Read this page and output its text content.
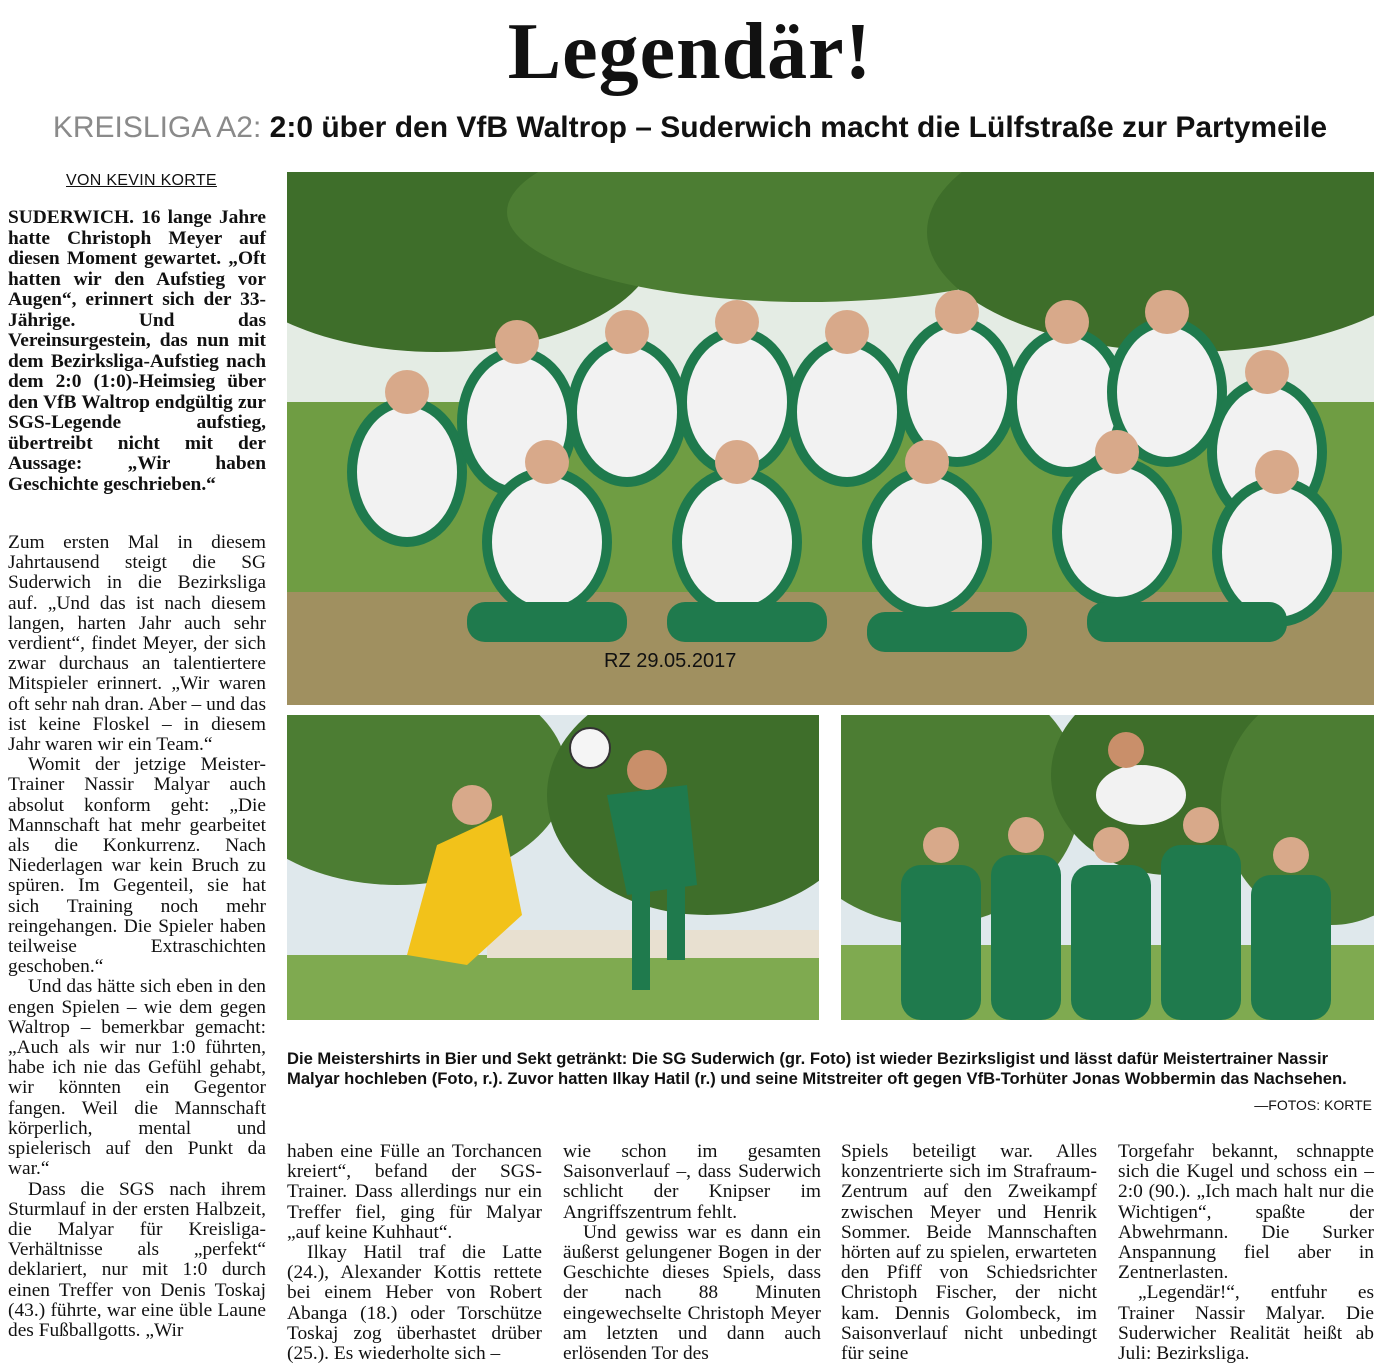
Legendär!
KREISLIGA A2: 2:0 über den VfB Waltrop – Suderwich macht die Lülfstraße zur Partymeile
VON KEVIN KORTE
SUDERWICH. 16 lange Jahre hatte Christoph Meyer auf diesen Moment gewartet. „Oft hatten wir den Aufstieg vor Augen“, erinnert sich der 33-Jährige. Und das Vereinsurgestein, das nun mit dem Bezirksliga-Aufstieg nach dem 2:0 (1:0)-Heimsieg über den VfB Waltrop endgültig zur SGS-Legende aufstieg, übertreibt nicht mit der Aussage: „Wir haben Geschichte geschrieben.“

Zum ersten Mal in diesem Jahrtausend steigt die SG Suderwich in die Bezirksliga auf. „Und das ist nach diesem langen, harten Jahr auch sehr verdient“, findet Meyer, der sich zwar durchaus an talentiertere Mitspieler erinnert. „Wir waren oft sehr nah dran. Aber – und das ist keine Floskel – in diesem Jahr waren wir ein Team.“

Womit der jetzige Meister-Trainer Nassir Malyar auch absolut konform geht: „Die Mannschaft hat mehr gearbeitet als die Konkurrenz. Nach Niederlagen war kein Bruch zu spüren. Im Gegenteil, sie hat sich Training noch mehr reingehangen. Die Spieler haben teilweise Extraschichten geschoben.“

Und das hätte sich eben in den engen Spielen – wie dem gegen Waltrop – bemerkbar gemacht: „Auch als wir nur 1:0 führten, habe ich nie das Gefühl gehabt, wir könnten ein Gegentor fangen. Weil die Mannschaft körperlich, mental und spielerisch auf den Punkt da war.“

Dass die SGS nach ihrem Sturmlauf in der ersten Halbzeit, die Malyar für Kreisliga-Verhältnisse als „perfekt“ deklariert, nur mit 1:0 durch einen Treffer von Denis Toskaj (43.) führte, war eine üble Laune des Fußballgotts. „Wir

RZ 29.05.2017
Die Meistershirts in Bier und Sekt getränkt: Die SG Suderwich (gr. Foto) ist wieder Bezirksligist und lässt dafür Meistertrainer Nassir Malyar hochleben (Foto, r.). Zuvor hatten Ilkay Hatil (r.) und seine Mitstreiter oft gegen VfB-Torhüter Jonas Wobbermin das Nachsehen.
—FOTOS: KORTE

haben eine Fülle an Torchancen kreiert“, befand der SGS-Trainer. Dass allerdings nur ein Treffer fiel, ging für Malyar „auf keine Kuhhaut“.

Ilkay Hatil traf die Latte (24.), Alexander Kottis rettete bei einem Heber von Robert Abanga (18.) oder Torschütze Toskaj zog überhastet drüber (25.). Es wiederholte sich –

wie schon im gesamten Saisonverlauf –, dass Suderwich schlicht der Knipser im Angriffszentrum fehlt.

Und gewiss war es dann ein äußerst gelungener Bogen in der Geschichte dieses Spiels, dass der nach 88 Minuten eingewechselte Christoph Meyer am letzten und dann auch erlösenden Tor des

Spiels beteiligt war. Alles konzentrierte sich im Strafraum-Zentrum auf den Zweikampf zwischen Meyer und Henrik Sommer. Beide Mannschaften hörten auf zu spielen, erwarteten den Pfiff von Schiedsrichter Christoph Fischer, der nicht kam. Dennis Golombeck, im Saisonverlauf nicht unbedingt für seine

Torgefahr bekannt, schnappte sich die Kugel und schoss ein – 2:0 (90.). „Ich mach halt nur die Wichtigen“, spaßte der Abwehrmann. Die Surker Anspannung fiel aber in Zentnerlasten.

„Legendär!“, entfuhr es Trainer Nassir Malyar. Die Suderwicher Realität heißt ab Juli: Bezirksliga.
